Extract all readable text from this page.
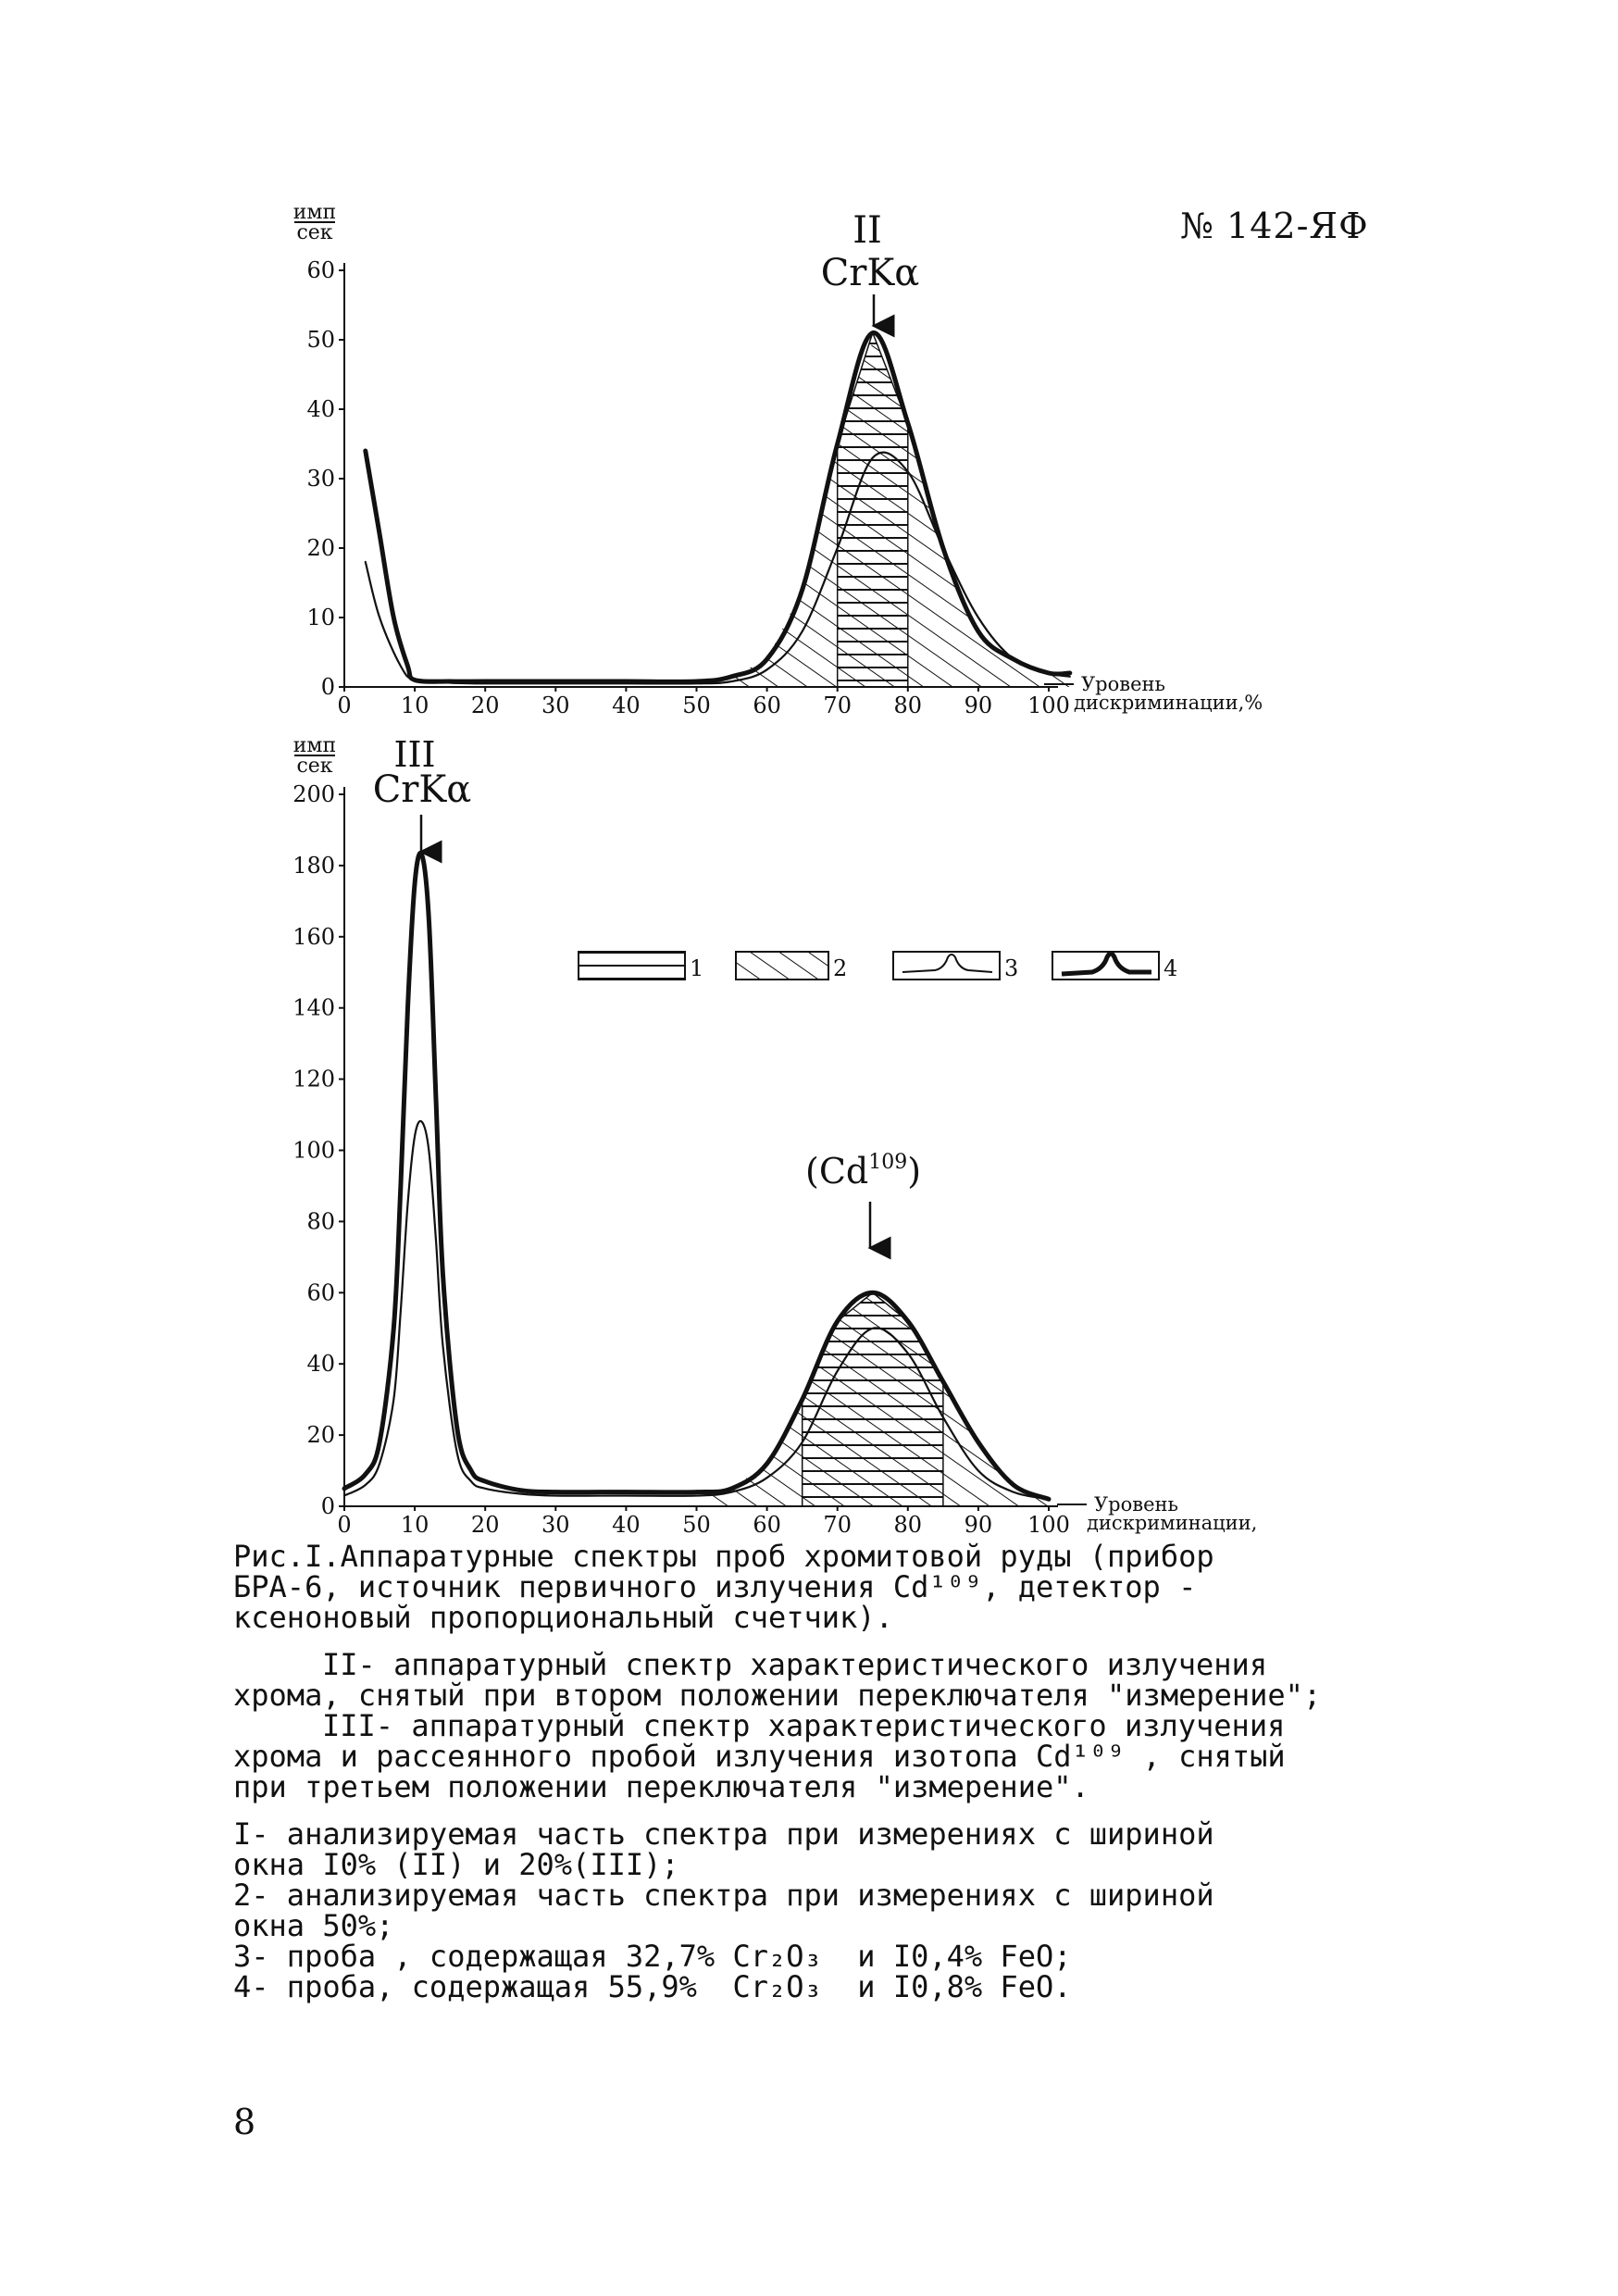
№ 142-ЯФ
0
10
20
30
40
50
60
0 10 20 30 40 50 60 70 80 90 100
имп
сек
Уровень
дискриминации,%
II
CrKα
0
20
40
60
80
100
120
140
160
180
200
0 10 20 30 40 50 60 70 80 90 100
имп
сек
Уровень
дискриминации,
III
CrKα
(Cd$^{109}$)
1	2	3	4

Рис.I.Аппаратурные спектры проб хромитовой руды (прибор

БРА-6, источник первичного излучения Cd¹⁰⁹, детектор -

ксеноновый пропорциональный счетчик).

II- аппаратурный спектр характеристического излучения

хрома, снятый при втором положении переключателя "измерение";

III- аппаратурный спектр характеристического излучения

хрома и рассеянного пробой излучения изотопа Cd¹⁰⁹ , снятый

при третьем положении переключателя "измерение".

I- анализируемая часть спектра при измерениях с шириной

окна I0% (II) и 20%(III);

2- анализируемая часть спектра при измерениях с шириной

окна 50%;

3- проба , содержащая 32,7% Cr₂O₃  и I0,4% FeO;

4- проба, содержащая 55,9%  Cr₂O₃  и I0,8% FeO.

8
